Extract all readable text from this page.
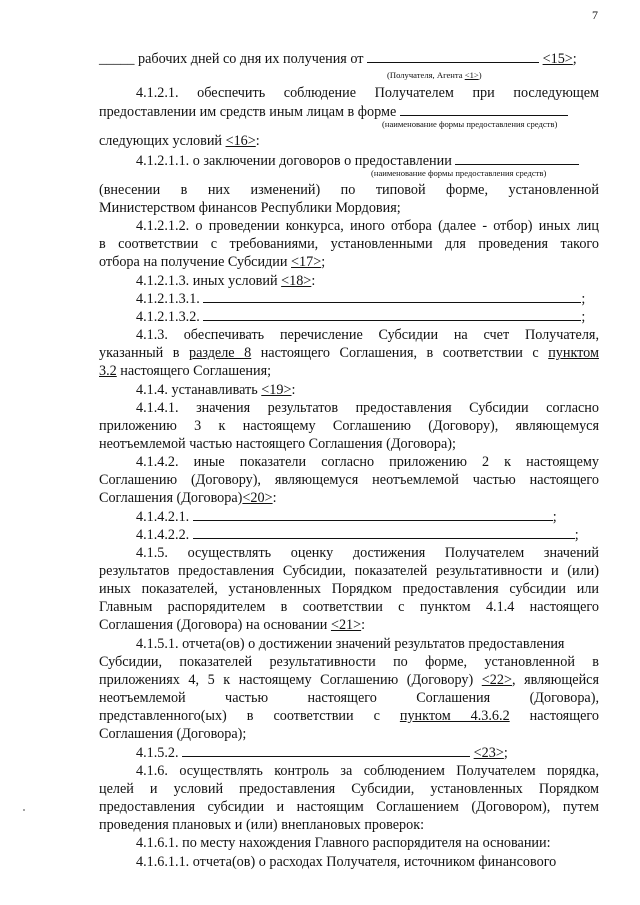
7
_____ рабочих дней со дня их получения от	<15>;
(Получателя, Агента <1>)
4.1.2.1. обеспечить соблюдение Получателем при последующем
предоставлении им средств иным лицам в форме
(наименование формы предоставления средств)
следующих условий <16>:
4.1.2.1.1. о заключении договоров о предоставлении
(наименование формы предоставления средств)
(внесении в них изменений) по типовой форме, установленной
Министерством финансов Республики Мордовия;
4.1.2.1.2. о проведении конкурса, иного отбора (далее - отбор) иных лиц
в соответствии с требованиями, установленными для проведения такого
отбора на получение Субсидии <17>;
4.1.2.1.3. иных условий <18>:
4.1.2.1.3.1.	;
4.1.2.1.3.2.	;
4.1.3. обеспечивать перечисление Субсидии на счет Получателя,
указанный в разделе 8 настоящего Соглашения, в соответствии с пунктом
3.2 настоящего Соглашения;
4.1.4. устанавливать <19>:
4.1.4.1. значения результатов предоставления Субсидии согласно
приложению 3 к настоящему Соглашению (Договору), являющемуся
неотъемлемой частью настоящего Соглашения (Договора);
4.1.4.2. иные показатели согласно приложению 2 к настоящему
Соглашению (Договору), являющемуся неотъемлемой частью настоящего
Соглашения (Договора)<20>:
4.1.4.2.1.	;
4.1.4.2.2.	;
4.1.5. осуществлять оценку достижения Получателем значений
результатов предоставления Субсидии, показателей результативности и (или)
иных показателей, установленных Порядком предоставления субсидии или
Главным распорядителем в соответствии с пунктом 4.1.4 настоящего
Соглашения (Договора) на основании <21>:
4.1.5.1. отчета(ов) о достижении значений результатов предоставления
Субсидии, показателей результативности по форме, установленной в
приложениях 4, 5 к настоящему Соглашению (Договору) <22>, являющейся
неотъемлемой частью настоящего Соглашения (Договора),
представленного(ых) в соответствии с пунктом 4.3.6.2 настоящего
Соглашения (Договора);
4.1.5.2.	<23>;
4.1.6. осуществлять контроль за соблюдением Получателем порядка,
целей и условий предоставления Субсидии, установленных Порядком
предоставления субсидии и настоящим Соглашением (Договором), путем
проведения плановых и (или) внеплановых проверок:
4.1.6.1. по месту нахождения Главного распорядителя на основании:
4.1.6.1.1. отчета(ов) о расходах Получателя, источником финансового
